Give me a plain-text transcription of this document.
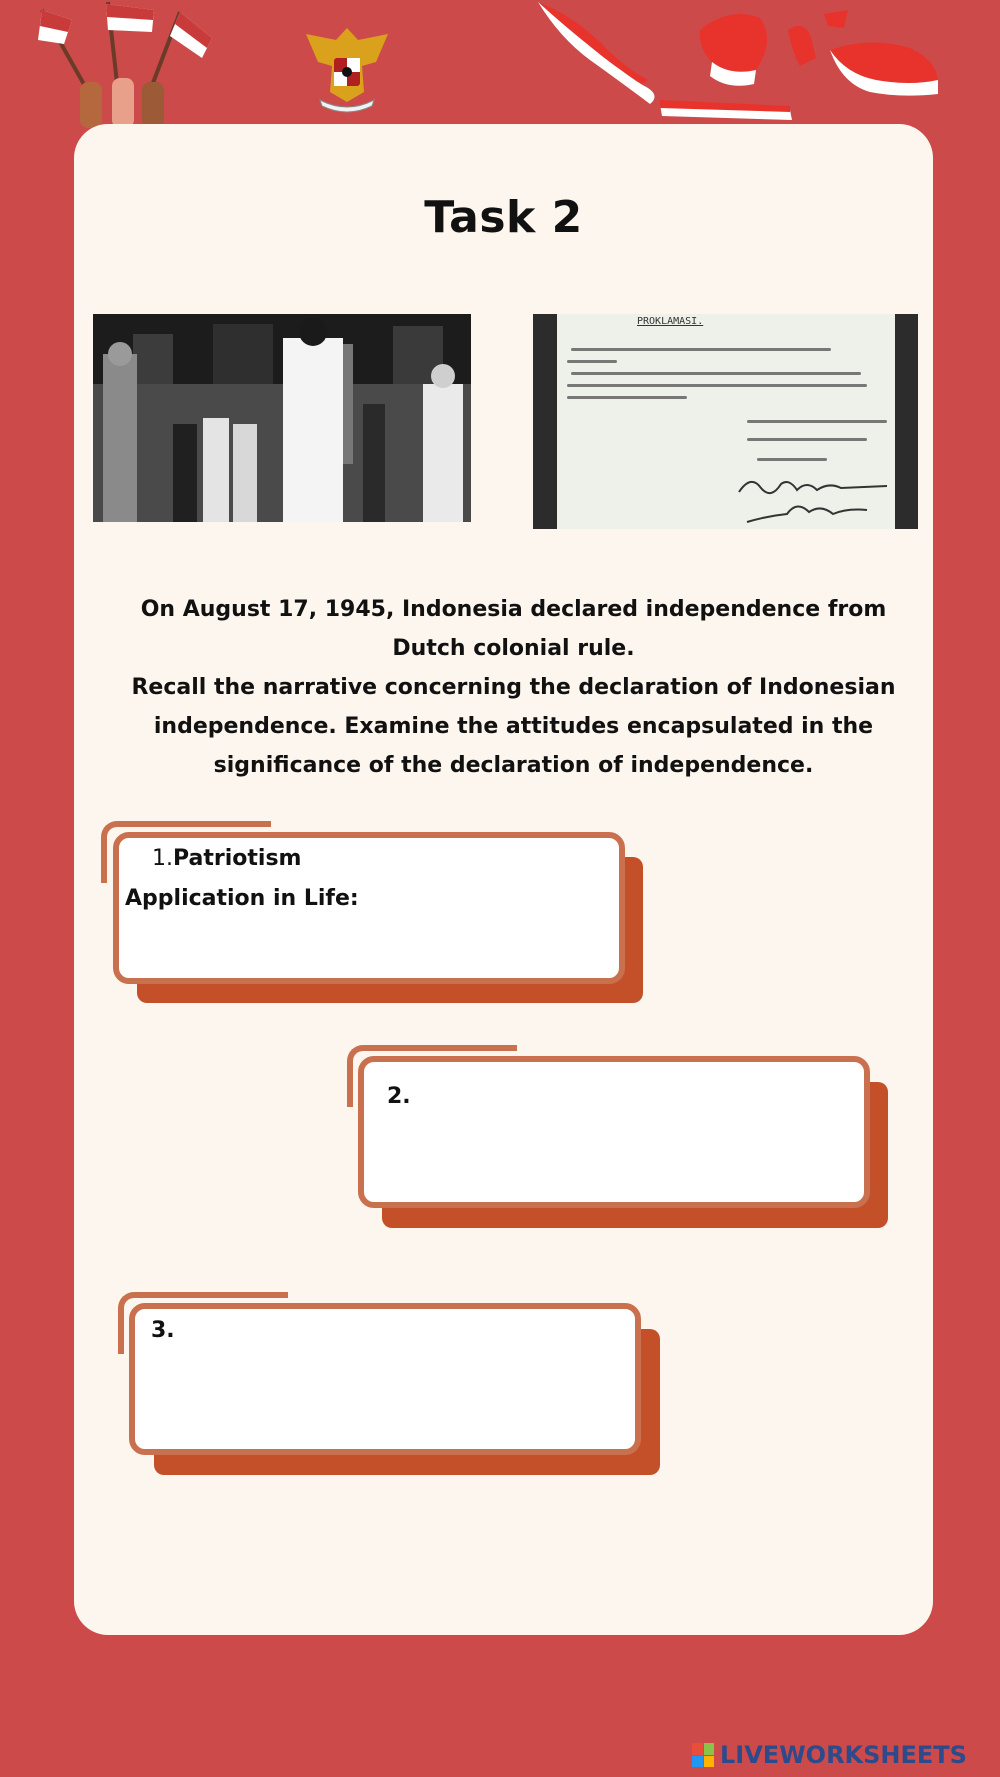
Task 2
PROKLAMASI.

On August 17, 1945, Indonesia declared independence from Dutch colonial rule.

Recall the narrative concerning the declaration of Indonesian independence. Examine the attitudes encapsulated in the significance of the declaration of independence.

1.Patriotism
Application in Life:
2.
3.
LIVEWORKSHEETS
